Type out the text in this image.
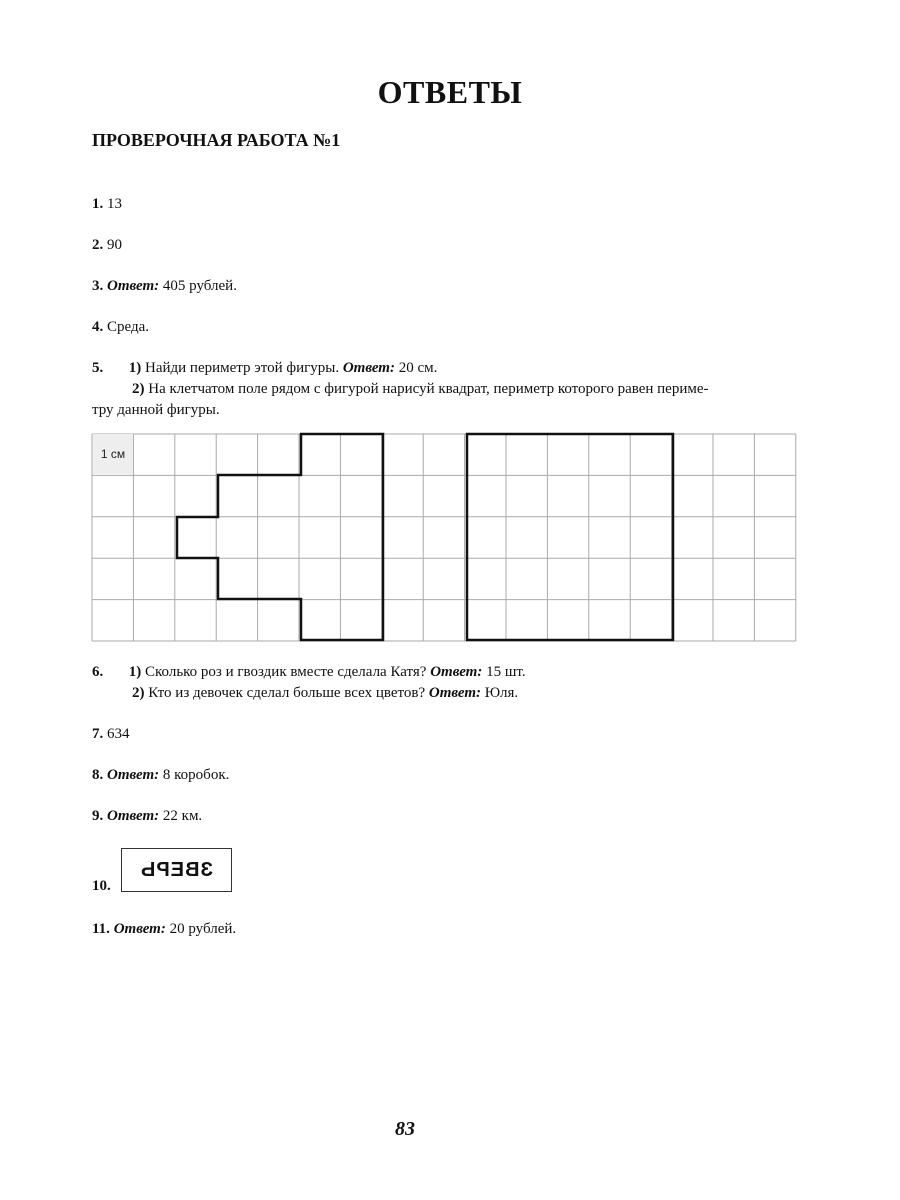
ОТВЕТЫ
ПРОВЕРОЧНАЯ РАБОТА №1
1. 13
2. 90
3. Ответ: 405 рублей.
4. Среда.
5. 1) Найди периметр этой фигуры. Ответ: 20 см.
2) На клетчатом поле рядом с фигурой нарисуй квадрат, периметр которого равен периме-
тру данной фигуры.
1 см
6. 1) Сколько роз и гвоздик вместе сделала Катя? Ответ: 15 шт.
2) Кто из девочек сделал больше всех цветов? Ответ: Юля.
7. 634
8. Ответ: 8 коробок.
9. Ответ: 22 км.
10.
ЗВЕРЬ
11. Ответ: 20 рублей.
83
